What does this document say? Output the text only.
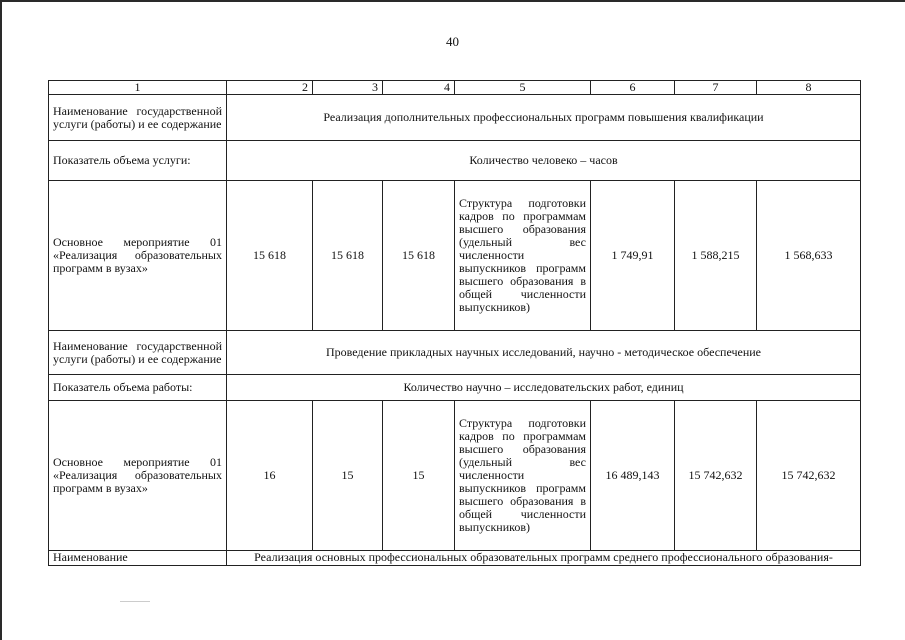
40
1	2	3	4	5	6	7	8
Наименование государственной услуги (работы) и ее содержание	Реализация дополнительных профессиональных программ повышения квалификации						
Показатель объема услуги:	Количество человеко – часов						
Основное мероприятие 01 «Реализация образовательных программ в вузах»	15 618	15 618	15 618	Структура подготовки кадров по программам высшего образования (удельный вес численности выпускников программ высшего образования в общей численности выпускников)	1 749,91	1 588,215	1 568,633
Наименование государственной услуги (работы) и ее содержание	Проведение прикладных научных исследований, научно - методическое обеспечение						
Показатель объема работы:	Количество научно – исследовательских работ, единиц						
Основное мероприятие 01 «Реализация образовательных программ в вузах»	16	15	15	Структура подготовки кадров по программам высшего образования (удельный вес численности выпускников программ высшего образования в общей численности выпускников)	16 489,143	15 742,632	15 742,632
Наименование	Реализация основных профессиональных образовательных программ среднего профессионального образования-						
